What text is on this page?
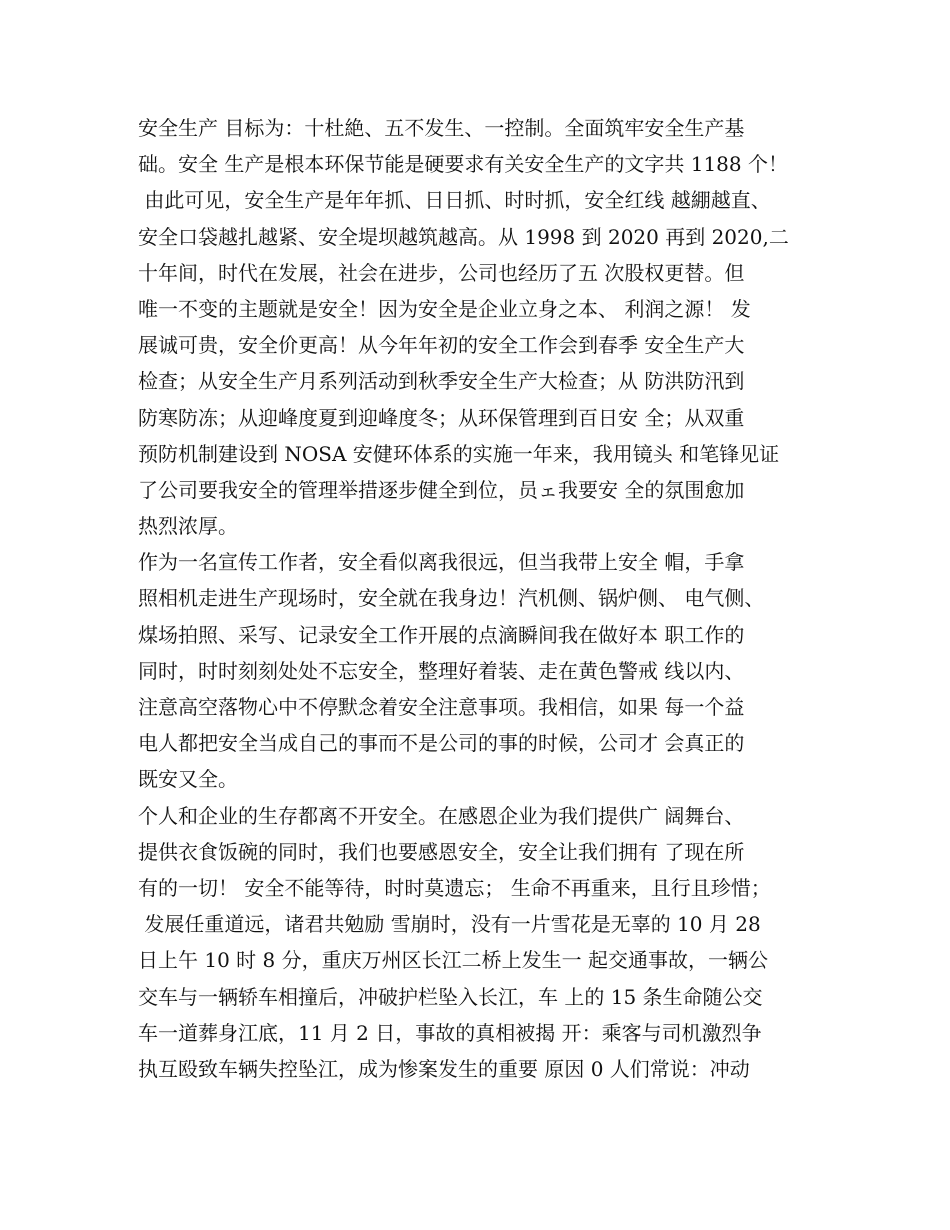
安全生产 目标为：十杜絶、五不发生、一控制。全面筑牢安全生产基
础。安全 生产是根本环保节能是硬要求有关安全生产的文字共 1188 个！
由此可见，安全生产是年年抓、日日抓、时时抓，安全红线 越綳越直、
安全口袋越扎越紧、安全堤坝越筑越高。从 1998 到 2020 再到 2020,二
十年间，时代在发展，社会在进步，公司也经历了五 次股权更替。但
唯一不变的主题就是安全！因为安全是企业立身之本、 利润之源！ 发
展诚可贵，安全价更高！从今年年初的安全工作会到春季 安全生产大
检查；从安全生产月系列活动到秋季安全生产大检查；从 防洪防汛到
防寒防冻；从迎峰度夏到迎峰度冬；从环保管理到百日安 全；从双重
预防机制建设到 NOSA 安健环体系的实施一年来，我用镜头 和笔锋见证
了公司要我安全的管理举措逐步健全到位，员ェ我要安 全的氛围愈加
热烈浓厚。
作为一名宣传工作者，安全看似离我很远，但当我带上安全 帽，手拿
照相机走进生产现场时，安全就在我身边！汽机侧、锅炉侧、 电气侧、
煤场拍照、采写、记录安全工作开展的点滴瞬间我在做好本 职工作的
同时，时时刻刻处处不忘安全，整理好着装、走在黄色警戒 线以内、
注意高空落物心中不停默念着安全注意事项。我相信，如果 每一个益
电人都把安全当成自己的事而不是公司的事的时候，公司才 会真正的
既安又全。
个人和企业的生存都离不开安全。在感恩企业为我们提供广 阔舞台、
提供衣食饭碗的同时，我们也要感恩安全，安全让我们拥有 了现在所
有的一切！ 安全不能等待，时时莫遗忘； 生命不再重来，且行且珍惜；
发展任重道远，诸君共勉励 雪崩时，没有一片雪花是无辜的 10 月 28
日上午 10 时 8 分，重庆万州区长江二桥上发生一 起交通事故，一辆公
交车与一辆轿车相撞后，冲破护栏坠入长江，车 上的 15 条生命随公交
车一道葬身江底，11 月 2 日，事故的真相被揭 开：乘客与司机激烈争
执互殴致车辆失控坠江，成为惨案发生的重要 原因 0 人们常说：冲动
